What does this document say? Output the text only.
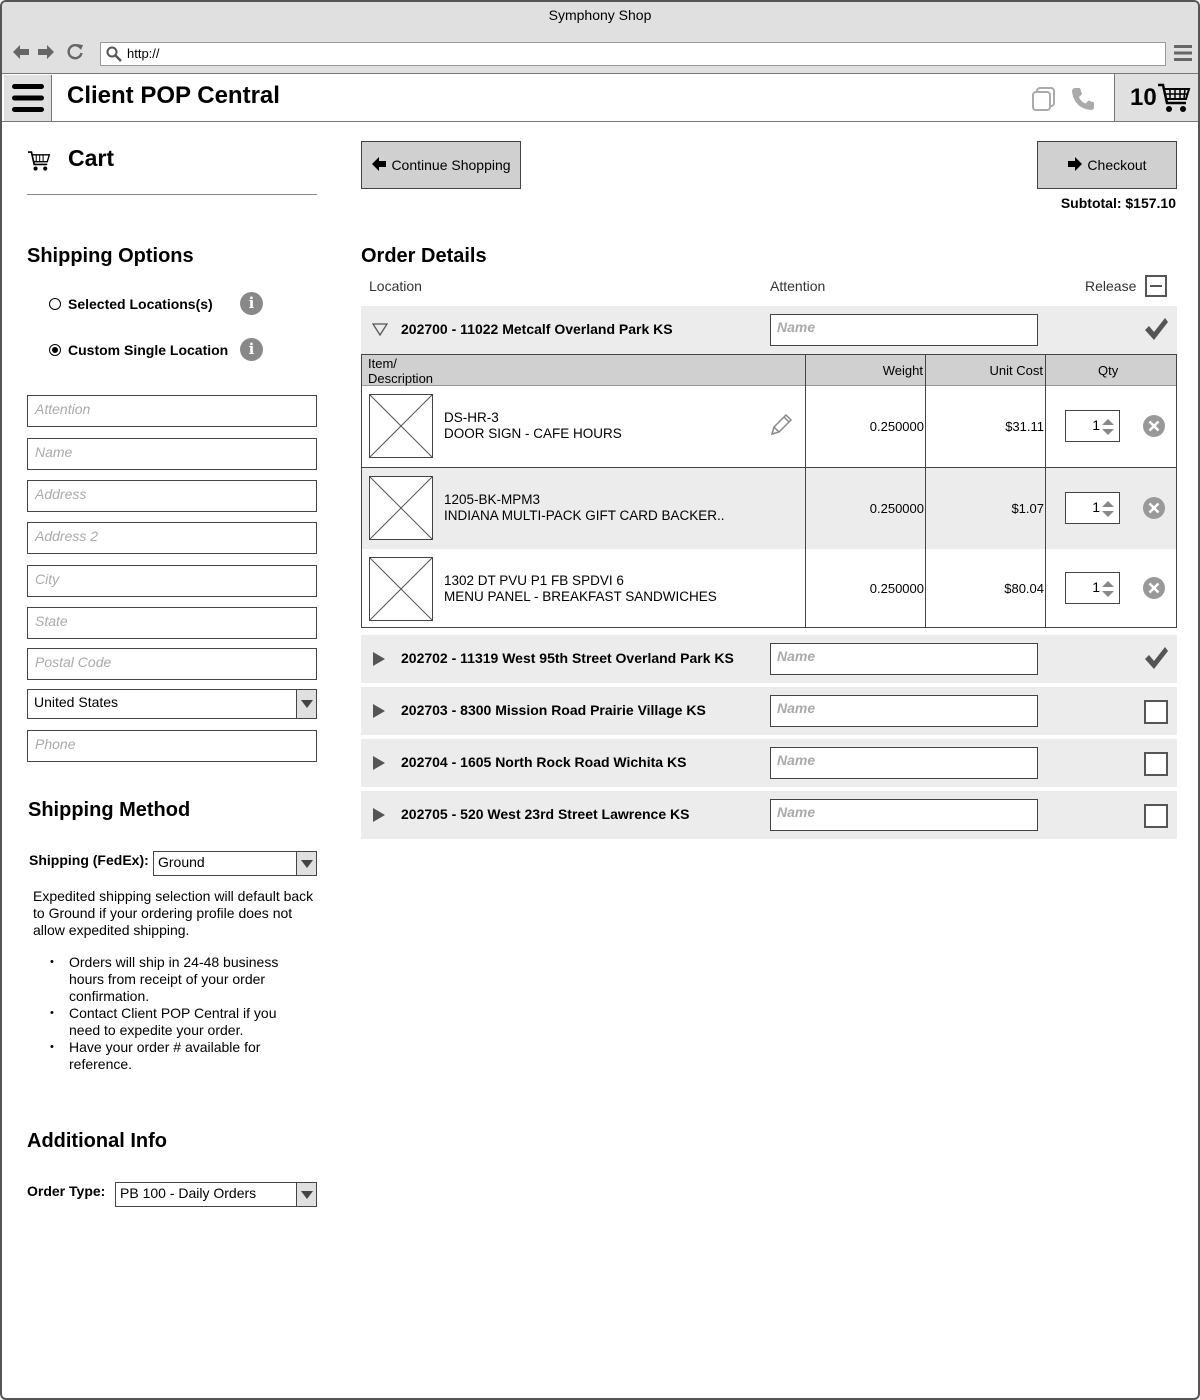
Symphony Shop
http://
Client POP Central	10
Cart
Shipping Options
Selected Locations(s)	i
Custom Single Location	i
Attention
Name
Address
Address 2
City
State
Postal Code
United States
Phone
Shipping Method
Shipping (FedEx): Ground
Expedited shipping selection will default back to Ground if your ordering profile does not allow expedited shipping.
• Orders will ship in 24-48 business hours from receipt of your order confirmation.
• Contact Client POP Central if you need to expedite your order.
• Have your order # available for reference.
Additional Info
Order Type:	PB 100 - Daily Orders
Continue Shopping	Checkout
Subtotal: $157.10
Order Details
Location	Attention	Release
202700 - 11022 Metcalf Overland Park KS	Name
Item/
Description
Weight	Unit Cost	Qty
DS-HR-3
DOOR SIGN - CAFE HOURS	0.250000	$31.11	1
1205-BK-MPM3
INDIANA MULTI-PACK GIFT CARD BACKER..	0.250000	$1.07	1
1302 DT PVU P1 FB SPDVI 6
MENU PANEL - BREAKFAST SANDWICHES
0.250000	$80.04	1
202702 - 11319 West 95th Street Overland Park KS	Name
202703 - 8300 Mission Road Prairie Village KS	Name
202704 - 1605 North Rock Road Wichita KS	Name
202705 - 520 West 23rd Street Lawrence KS	Name
